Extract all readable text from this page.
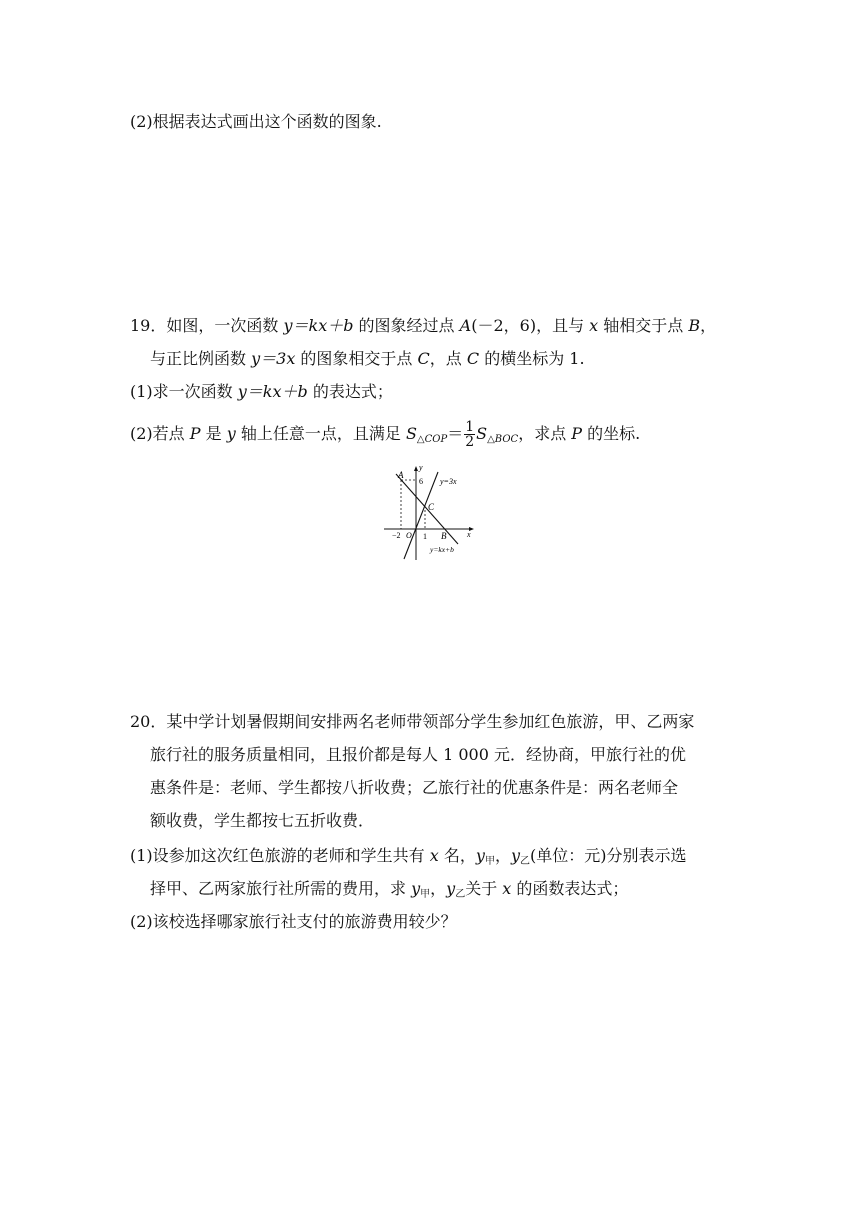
(2)根据表达式画出这个函数的图象.
19．如图，一次函数 y＝kx＋b 的图象经过点 A(－2，6)，且与 x 轴相交于点 B，
与正比例函数 y＝3x 的图象相交于点 C，点 C 的横坐标为 1.
(1)求一次函数 y＝kx＋b 的表达式；
(2)若点 P 是 y 轴上任意一点，且满足 $S_{\triangle COP}= \frac{1}{2} S_{\triangle BOC}$，求点 P 的坐标.
A
y
6 y=3x
C
−2 O 1 B	x
y=kx+b
20．某中学计划暑假期间安排两名老师带领部分学生参加红色旅游，甲、乙两家
旅行社的服务质量相同，且报价都是每人 1 000 元．经协商，甲旅行社的优
惠条件是：老师、学生都按八折收费；乙旅行社的优惠条件是：两名老师全
额收费，学生都按七五折收费．
(1)设参加这次红色旅游的老师和学生共有 x 名，$y_甲$，$y_乙$(单位：元)分别表示选
择甲、乙两家旅行社所需的费用，求 $y_甲$，$y_乙$关于 x 的函数表达式；
(2)该校选择哪家旅行社支付的旅游费用较少？
